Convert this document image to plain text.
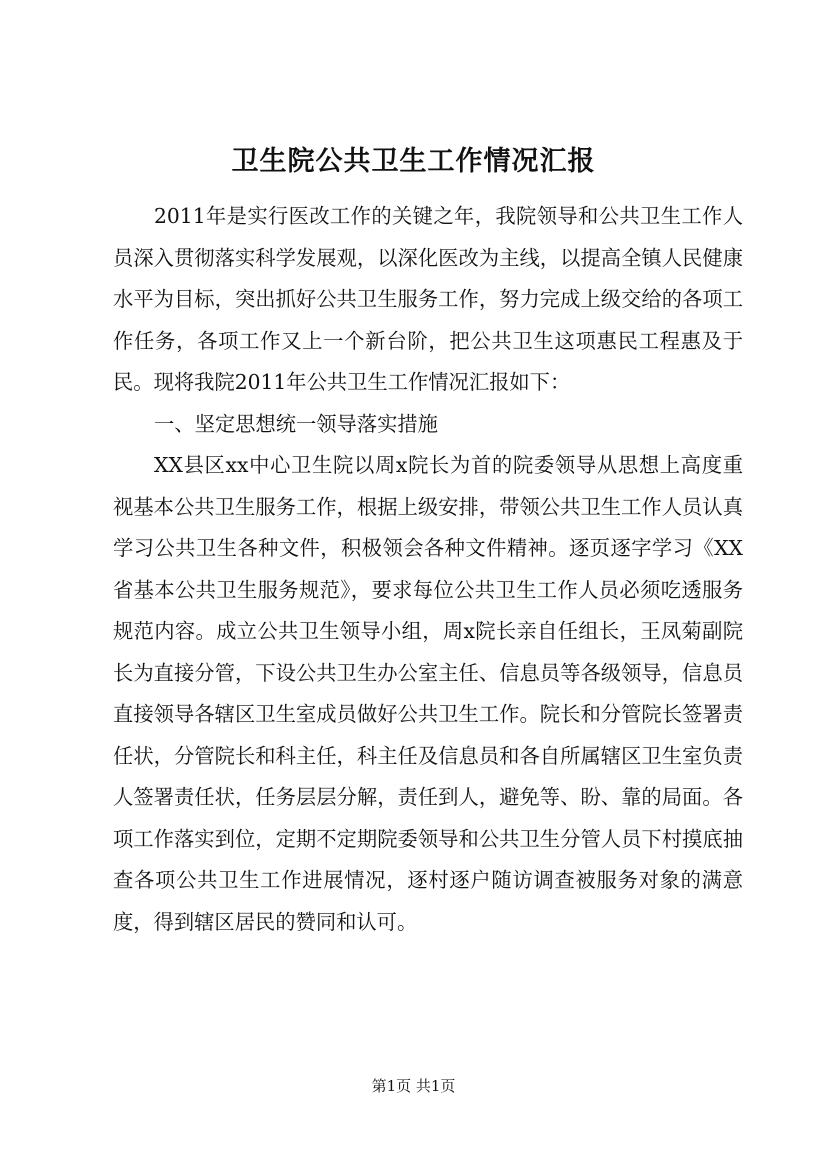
卫生院公共卫生工作情况汇报

2011年是实行医改工作的关键之年，我院领导和公共卫生工作人员深入贯彻落实科学发展观，以深化医改为主线，以提高全镇人民健康水平为目标，突出抓好公共卫生服务工作，努力完成上级交给的各项工作任务，各项工作又上一个新台阶，把公共卫生这项惠民工程惠及于民。现将我院2011年公共卫生工作情况汇报如下：

一、坚定思想统一领导落实措施

XX县区xx中心卫生院以周x院长为首的院委领导从思想上高度重视基本公共卫生服务工作，根据上级安排，带领公共卫生工作人员认真学习公共卫生各种文件，积极领会各种文件精神。逐页逐字学习《XX省基本公共卫生服务规范》，要求每位公共卫生工作人员必须吃透服务规范内容。成立公共卫生领导小组，周x院长亲自任组长，王凤菊副院长为直接分管，下设公共卫生办公室主任、信息员等各级领导，信息员直接领导各辖区卫生室成员做好公共卫生工作。院长和分管院长签署责任状，分管院长和科主任，科主任及信息员和各自所属辖区卫生室负责人签署责任状，任务层层分解，责任到人，避免等、盼、靠的局面。各项工作落实到位，定期不定期院委领导和公共卫生分管人员下村摸底抽查各项公共卫生工作进展情况，逐村逐户随访调查被服务对象的满意度，得到辖区居民的赞同和认可。

第1页 共1页
